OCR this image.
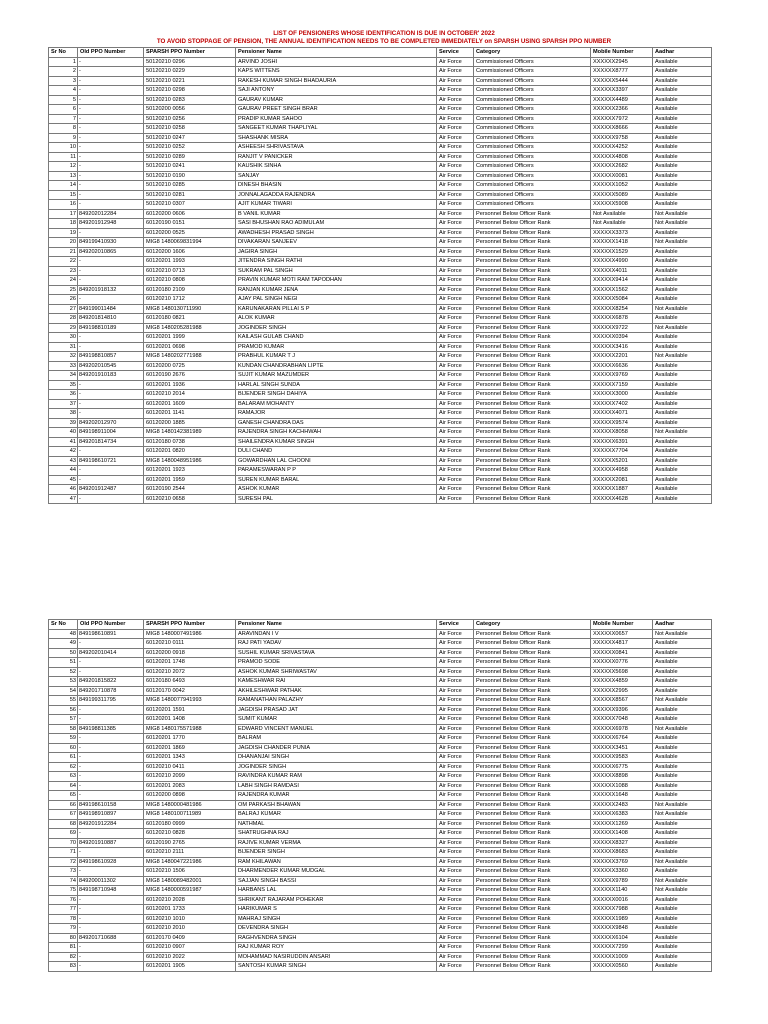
LIST OF PENSIONERS WHOSE IDENTIFICATION IS DUE IN OCTOBER' 2022
TO AVOID STOPPAGE OF PENSION, THE ANNUAL IDENTIFICATION NEEDS TO BE COMPLETED IMMEDIATELY on SPARSH USING SPARSH PPO NUMBER
Sr No	Old PPO Number	SPARSH PPO Number	Pensioner Name	Service	Category	Mobile Number	Aadhar
1	-	50120210 0296	ARVIND JOSHI	Air Force	Commissioned Officers	XXXXXX2945	Available
2	-	50120210 0229	KAPS WITTENS	Air Force	Commissioned Officers	XXXXXX8777	Available
3	-	50120210 0221	RAKESH KUMAR SINGH BHADAURIA	Air Force	Commissioned Officers	XXXXXX5444	Available
4	-	50120210 0298	SAJI ANTONY	Air Force	Commissioned Officers	XXXXXX3397	Available
5	-	50120210 0283	GAURAV KUMAR	Air Force	Commissioned Officers	XXXXXX4489	Available
6	-	50120200 0056	GAURAV PREET SINGH BRAR	Air Force	Commissioned Officers	XXXXXX2366	Available
7	-	50120210 0256	PRADIP KUMAR SAHOO	Air Force	Commissioned Officers	XXXXXX7972	Available
8	-	50120210 0258	SANGEET KUMAR THAPLIYAL	Air Force	Commissioned Officers	XXXXXX8666	Available
9	-	50120210 0247	SHASHANK MISRA	Air Force	Commissioned Officers	XXXXXX9758	Available
10	-	50120210 0252	ASHEESH SHRIVASTAVA	Air Force	Commissioned Officers	XXXXXX4252	Available
11	-	50120210 0289	RANJIT V PANICKER	Air Force	Commissioned Officers	XXXXXX4808	Available
12	-	50120210 0241	KAUSHIK SINHA	Air Force	Commissioned Officers	XXXXXX2682	Available
13	-	50120210 0190	SANJAY	Air Force	Commissioned Officers	XXXXXX0081	Available
14	-	50120210 0285	DINESH BHASIN	Air Force	Commissioned Officers	XXXXXX1052	Available
15	-	50120210 0281	JONNALAGADDA RAJENDRA	Air Force	Commissioned Officers	XXXXXX5089	Available
16	-	50120210 0307	AJIT KUMAR TIWARI	Air Force	Commissioned Officers	XXXXXX5908	Available
17	849202012284	60120200 0606	B VANIL KUMAR	Air Force	Personnel Below Officer Rank	Not Available	Not Available
18	849201912948	60120190 0151	SASI BHUSHAN RAO ADIMULAM	Air Force	Personnel Below Officer Rank	Not Available	Not Available
19	-	60120200 0525	AWADHESH PRASAD SINGH	Air Force	Personnel Below Officer Rank	XXXXXX3373	Available
20	849199410930	MIG8 1480069831994	DIVAKARAN SANJEEV	Air Force	Personnel Below Officer Rank	XXXXXX1418	Not Available
21	849202010865	60120200 1606	JAGIRA SINGH	Air Force	Personnel Below Officer Rank	XXXXXX1529	Available
22	-	60120201 1993	JITENDRA SINGH RATHI	Air Force	Personnel Below Officer Rank	XXXXXX4990	Available
23	-	60120210 0713	SUKRAM PAL SINGH	Air Force	Personnel Below Officer Rank	XXXXXX4011	Available
24	-	60120210 0808	PRAVIN KUMAR MOTI RAM TAPODHAN	Air Force	Personnel Below Officer Rank	XXXXXX9414	Available
25	849201918132	60120180 2109	RANJAN KUMAR JENA	Air Force	Personnel Below Officer Rank	XXXXXX1562	Available
26	-	60120210 1712	AJAY PAL SINGH NEGI	Air Force	Personnel Below Officer Rank	XXXXXX5084	Available
27	849199011484	MIG8 1480130711990	KARUNAKARAN PILLAI S P	Air Force	Personnel Below Officer Rank	XXXXXX8254	Not Available
28	849201814810	60120180 0821	ALOK KUMAR	Air Force	Personnel Below Officer Rank	XXXXXX6878	Available
29	849198810189	MIG8 1480205281988	JOGINDER SINGH	Air Force	Personnel Below Officer Rank	XXXXXX9722	Not Available
30	-	60120201 1999	KAILASH GULAB CHAND	Air Force	Personnel Below Officer Rank	XXXXXX0394	Available
31	-	60120201 0698	PRAMOD KUMAR	Air Force	Personnel Below Officer Rank	XXXXXX3416	Available
32	849198810857	MIG8 1480202771988	PRABHUL KUMAR T J	Air Force	Personnel Below Officer Rank	XXXXXX2201	Not Available
33	849202010545	60120200 0725	KUNDAN CHANDRABHAN LIPTE	Air Force	Personnel Below Officer Rank	XXXXXX6636	Available
34	849201910183	60120190 2676	SUJIT KUMAR MAZUMDER	Air Force	Personnel Below Officer Rank	XXXXXX9769	Available
35	-	60120201 1936	HARLAL SINGH SUNDA	Air Force	Personnel Below Officer Rank	XXXXXX7159	Available
36	-	60120210 2014	BIJENDER SINGH DAHIYA	Air Force	Personnel Below Officer Rank	XXXXXX3000	Available
37	-	60120201 1609	BALARAM MOHANTY	Air Force	Personnel Below Officer Rank	XXXXXX7402	Available
38	-	60120201 1141	RAMAJOR	Air Force	Personnel Below Officer Rank	XXXXXX4071	Available
39	849202012970	60120200 1885	GANESH CHANDRA DAS	Air Force	Personnel Below Officer Rank	XXXXXX9574	Available
40	849198911004	MIG8 1480142381989	RAJENDRA SINGH KACHHWAH	Air Force	Personnel Below Officer Rank	XXXXXX8058	Not Available
41	849201814734	60120180 0738	SHAILENDRA KUMAR SINGH	Air Force	Personnel Below Officer Rank	XXXXXX6391	Available
42	-	60120201 0820	DULI CHAND	Air Force	Personnel Below Officer Rank	XXXXXX7704	Available
43	849198610721	MIG8 1480048951986	GOWARDHAN LAL CHOONI	Air Force	Personnel Below Officer Rank	XXXXXX5201	Available
44	-	60120201 1923	PARAMESWARAN P P	Air Force	Personnel Below Officer Rank	XXXXXX4958	Available
45	-	60120201 1959	SUREN KUMAR BARAL	Air Force	Personnel Below Officer Rank	XXXXXX2081	Available
46	849201912487	60120190 2544	ASHOK KUMAR	Air Force	Personnel Below Officer Rank	XXXXXX1887	Available
47	-	60120210 0658	SURESH PAL	Air Force	Personnel Below Officer Rank	XXXXXX4628	Available
Sr No	Old PPO Number	SPARSH PPO Number	Pensioner Name	Service	Category	Mobile Number	Aadhar
48	849198610891	MIG8 1480007491986	ARAVINDAN I V	Air Force	Personnel Below Officer Rank	XXXXXX0657	Not Available
49	-	60120210 0111	RAJ PATI YADAV	Air Force	Personnel Below Officer Rank	XXXXXX4817	Available
50	849202010414	60120200 0918	SUSHIL KUMAR SRIVASTAVA	Air Force	Personnel Below Officer Rank	XXXXXX0841	Available
51	-	60120201 1748	PRAMOD SODE	Air Force	Personnel Below Officer Rank	XXXXXX0776	Available
52	-	60120210 2072	ASHOK KUMAR SHRIWASTAV	Air Force	Personnel Below Officer Rank	XXXXXX5698	Available
53	849201815822	60120180 6493	KAMESHWAR RAI	Air Force	Personnel Below Officer Rank	XXXXXX4859	Available
54	849201710878	60120170 0042	AKHILESHWAR PATHAK	Air Force	Personnel Below Officer Rank	XXXXXX2995	Available
55	849199311795	MIG8 1480077941993	RAMANATHAN PALAZHY	Air Force	Personnel Below Officer Rank	XXXXXX8567	Not Available
56	-	60120201 1591	JAGDISH PRASAD JAT	Air Force	Personnel Below Officer Rank	XXXXXX9396	Available
57	-	60120201 1408	SUMIT KUMAR	Air Force	Personnel Below Officer Rank	XXXXXX7048	Available
58	849198811385	MIG8 1480175571988	EDWARD VINCENT MANUEL	Air Force	Personnel Below Officer Rank	XXXXXX6978	Not Available
59	-	60120201 1770	BALRAM	Air Force	Personnel Below Officer Rank	XXXXXX6764	Available
60	-	60120201 1869	JAGDISH CHANDER PUNIA	Air Force	Personnel Below Officer Rank	XXXXXX3451	Available
61	-	60120201 1343	DHANANJAI SINGH	Air Force	Personnel Below Officer Rank	XXXXXX9583	Available
62	-	60120210 0411	JOGINDER SINGH	Air Force	Personnel Below Officer Rank	XXXXXX6775	Available
63	-	60120210 2099	RAVINDRA KUMAR RAM	Air Force	Personnel Below Officer Rank	XXXXXX8898	Available
64	-	60120201 2083	LABH SINGH RAMDASI	Air Force	Personnel Below Officer Rank	XXXXXX1088	Available
65	-	60120200 0898	RAJENDRA KUMAR	Air Force	Personnel Below Officer Rank	XXXXXX1648	Available
66	849198610158	MIG8 1480000481986	OM PARKASH BHAWAN	Air Force	Personnel Below Officer Rank	XXXXXX2483	Not Available
67	849198910897	MIG8 1480100711989	BALRAJ KUMAR	Air Force	Personnel Below Officer Rank	XXXXXX6383	Not Available
68	849201912284	60120180 0999	NATHMAL	Air Force	Personnel Below Officer Rank	XXXXXX1269	Available
69	-	60120210 0828	SHATRUGHNA RAJ	Air Force	Personnel Below Officer Rank	XXXXXX1408	Available
70	849201910887	60120190 2765	RAJIVE KUMAR VERMA	Air Force	Personnel Below Officer Rank	XXXXXX8327	Available
71	-	60120210 2111	BIJENDER SINGH	Air Force	Personnel Below Officer Rank	XXXXXX8683	Available
72	849198610928	MIG8 1480047221986	RAM KHILAWAN	Air Force	Personnel Below Officer Rank	XXXXXX3769	Not Available
73	-	60120210 1506	DHARMENDER KUMAR MUDGAL	Air Force	Personnel Below Officer Rank	XXXXXX3360	Available
74	849200011302	MIG8 1480089482001	SAJJAN SINGH BASSI	Air Force	Personnel Below Officer Rank	XXXXXX9789	Not Available
75	849198710948	MIG8 1480000591987	HARBANS LAL	Air Force	Personnel Below Officer Rank	XXXXXX1140	Not Available
76	-	60120210 2028	SHRIKANT RAJARAM POHEKAR	Air Force	Personnel Below Officer Rank	XXXXXX0016	Available
77	-	60120201 1733	HARIKUMAR S	Air Force	Personnel Below Officer Rank	XXXXXX7988	Available
78	-	60120210 1010	MAHRAJ SINGH	Air Force	Personnel Below Officer Rank	XXXXXX1989	Available
79	-	60120210 2010	DEVENDRA SINGH	Air Force	Personnel Below Officer Rank	XXXXXX9848	Available
80	849201710688	60120170 0409	RAGHVENDRA SINGH	Air Force	Personnel Below Officer Rank	XXXXXX6104	Available
81	-	60120210 0907	RAJ KUMAR ROY	Air Force	Personnel Below Officer Rank	XXXXXX7299	Available
82	-	60120210 2022	MOHAMMAD NASIRUDDIN ANSARI	Air Force	Personnel Below Officer Rank	XXXXXX1009	Available
83	-	60120201 1905	SANTOSH KUMAR SINGH	Air Force	Personnel Below Officer Rank	XXXXXX0560	Available
